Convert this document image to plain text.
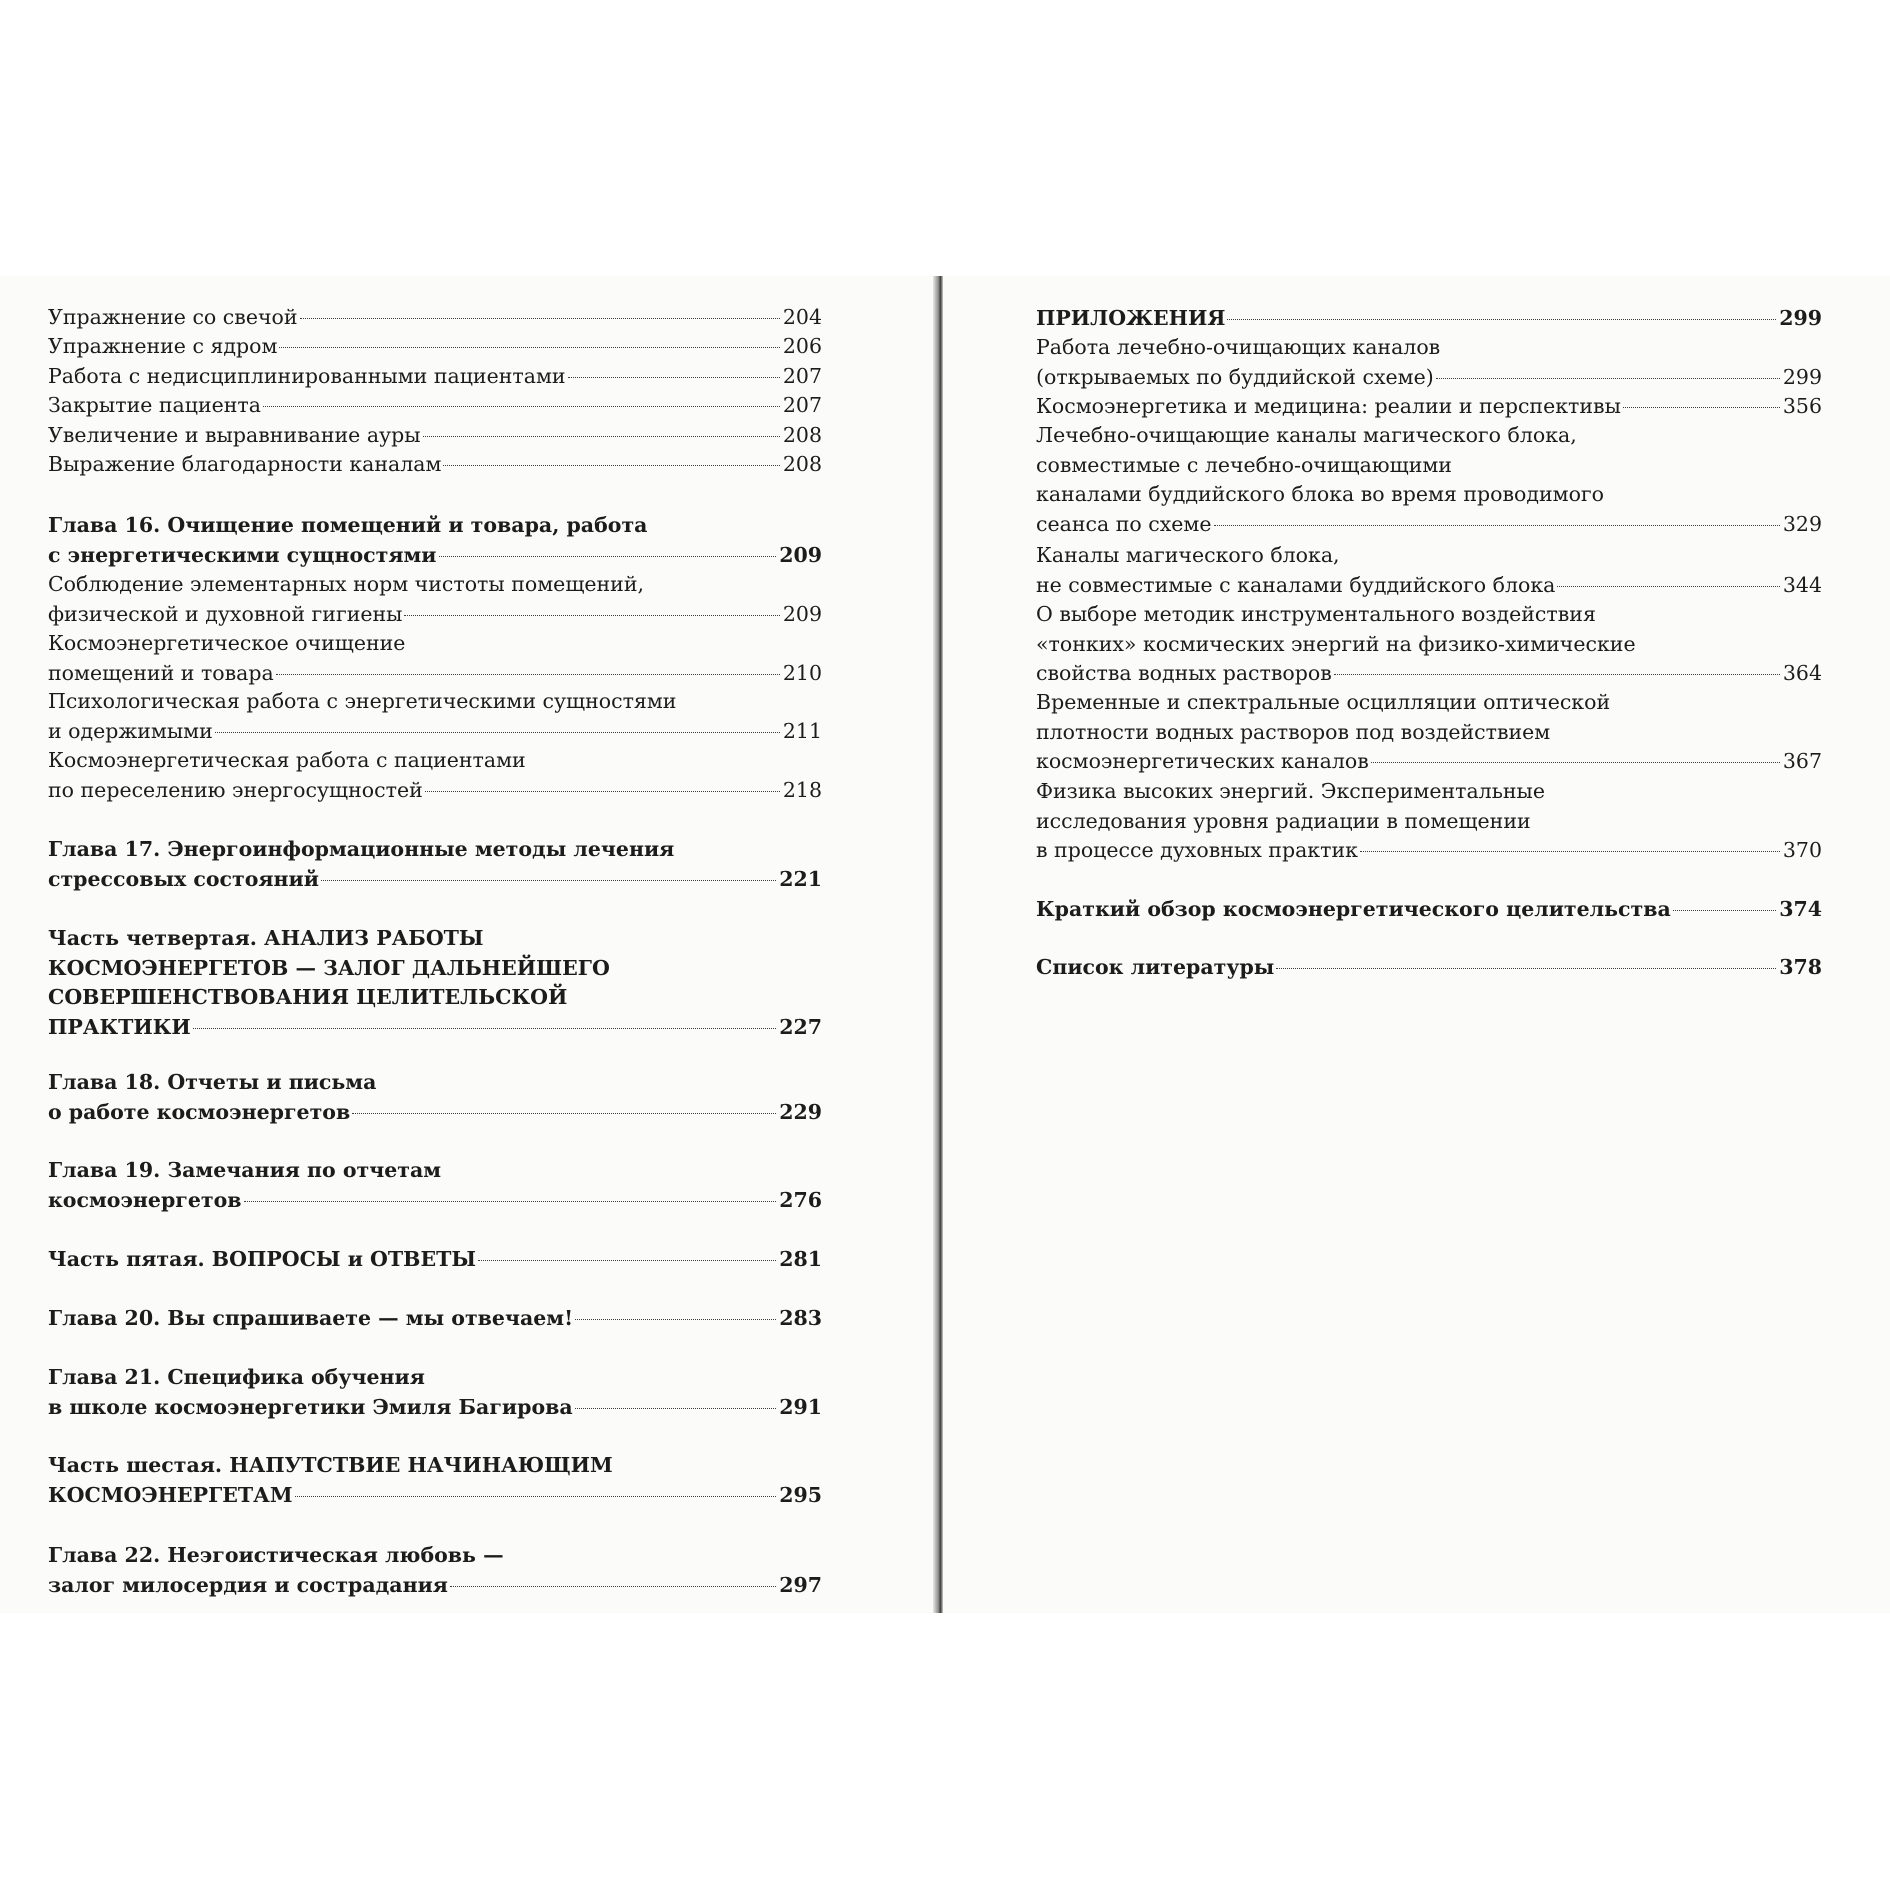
Упражнение со свечой	204
Упражнение с ядром	206
Работа с недисциплинированными пациентами	207
Закрытие пациента	207
Увеличение и выравнивание ауры	208
Выражение благодарности каналам	208
Глава 16. Очищение помещений и товара, работа
с энергетическими сущностями	209
Соблюдение элементарных норм чистоты помещений,
физической и духовной гигиены	209
Космоэнергетическое очищение
помещений и товара	210
Психологическая работа с энергетическими сущностями
и одержимыми	211
Космоэнергетическая работа с пациентами
по переселению энергосущностей	218
Глава 17. Энергоинформационные методы лечения
стрессовых состояний	221
Часть четвертая. АНАЛИЗ РАБОТЫ
КОСМОЭНЕРГЕТОВ — ЗАЛОГ ДАЛЬНЕЙШЕГО
СОВЕРШЕНСТВОВАНИЯ ЦЕЛИТЕЛЬСКОЙ
ПРАКТИКИ	227
Глава 18. Отчеты и письма
о работе космоэнергетов	229
Глава 19. Замечания по отчетам
космоэнергетов	276
Часть пятая. ВОПРОСЫ и ОТВЕТЫ	281
Глава 20. Вы спрашиваете — мы отвечаем!	283
Глава 21. Специфика обучения
в школе космоэнергетики Эмиля Багирова	291
Часть шестая. НАПУТСТВИЕ НАЧИНАЮЩИМ
КОСМОЭНЕРГЕТАМ	295
Глава 22. Неэгоистическая любовь —
залог милосердия и сострадания	297
ПРИЛОЖЕНИЯ	299
Работа лечебно-очищающих каналов
(открываемых по буддийской схеме)	299
Космоэнергетика и медицина: реалии и перспективы	356
Лечебно-очищающие каналы магического блока,
совместимые с лечебно-очищающими
каналами буддийского блока во время проводимого
сеанса по схеме	329
Каналы магического блока,
не совместимые с каналами буддийского блока	344
О выборе методик инструментального воздействия
«тонких» космических энергий на физико-химические
свойства водных растворов	364
Временные и спектральные осцилляции оптической
плотности водных растворов под воздействием
космоэнергетических каналов	367
Физика высоких энергий. Экспериментальные
исследования уровня радиации в помещении
в процессе духовных практик	370
Краткий обзор космоэнергетического целительства	374
Список литературы	378
